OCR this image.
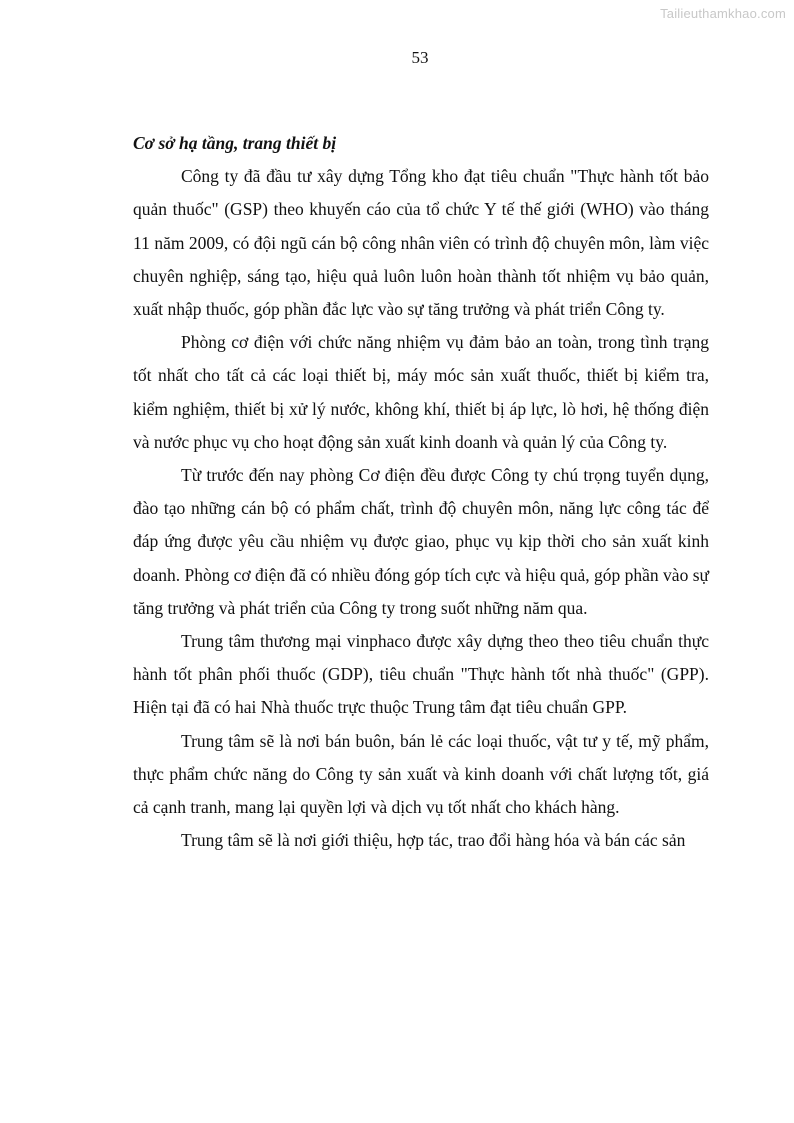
Tailieuthamkhao.com
53

Cơ sở hạ tầng, trang thiết bị

Công ty đã đầu tư xây dựng Tổng kho đạt tiêu chuẩn "Thực hành tốt bảo quản thuốc" (GSP) theo khuyến cáo của tổ chức Y tế thế giới (WHO) vào tháng 11 năm 2009, có đội ngũ cán bộ công nhân viên có trình độ chuyên môn, làm việc chuyên nghiệp, sáng tạo, hiệu quả luôn luôn hoàn thành tốt nhiệm vụ bảo quản, xuất nhập thuốc, góp phần đắc lực vào sự tăng trưởng và phát triển Công ty.

Phòng cơ điện với chức năng nhiệm vụ đảm bảo an toàn, trong tình trạng tốt nhất cho tất cả các loại thiết bị, máy móc sản xuất thuốc, thiết bị kiểm tra, kiểm nghiệm, thiết bị xử lý nước, không khí, thiết bị áp lực, lò hơi, hệ thống điện và nước phục vụ cho hoạt động sản xuất kinh doanh và quản lý của Công ty.

Từ trước đến nay phòng Cơ điện đều được Công ty chú trọng tuyển dụng, đào tạo những cán bộ có phẩm chất, trình độ chuyên môn, năng lực công tác để đáp ứng được yêu cầu nhiệm vụ được giao, phục vụ kịp thời cho sản xuất kinh doanh. Phòng cơ điện đã có nhiều đóng góp tích cực và hiệu quả, góp phần vào sự tăng trưởng và phát triển của Công ty trong suốt những năm qua.

Trung tâm thương mại vinphaco được xây dựng theo theo tiêu chuẩn thực hành tốt phân phối thuốc (GDP), tiêu chuẩn "Thực hành tốt nhà thuốc" (GPP). Hiện tại đã có hai Nhà thuốc trực thuộc Trung tâm đạt tiêu chuẩn GPP.

Trung tâm sẽ là nơi bán buôn, bán lẻ các loại thuốc, vật tư y tế, mỹ phẩm, thực phẩm chức năng do Công ty sản xuất và kinh doanh với chất lượng tốt, giá cả cạnh tranh, mang lại quyền lợi và dịch vụ tốt nhất cho khách hàng.

Trung tâm sẽ là nơi giới thiệu, hợp tác, trao đổi hàng hóa và bán các sản
